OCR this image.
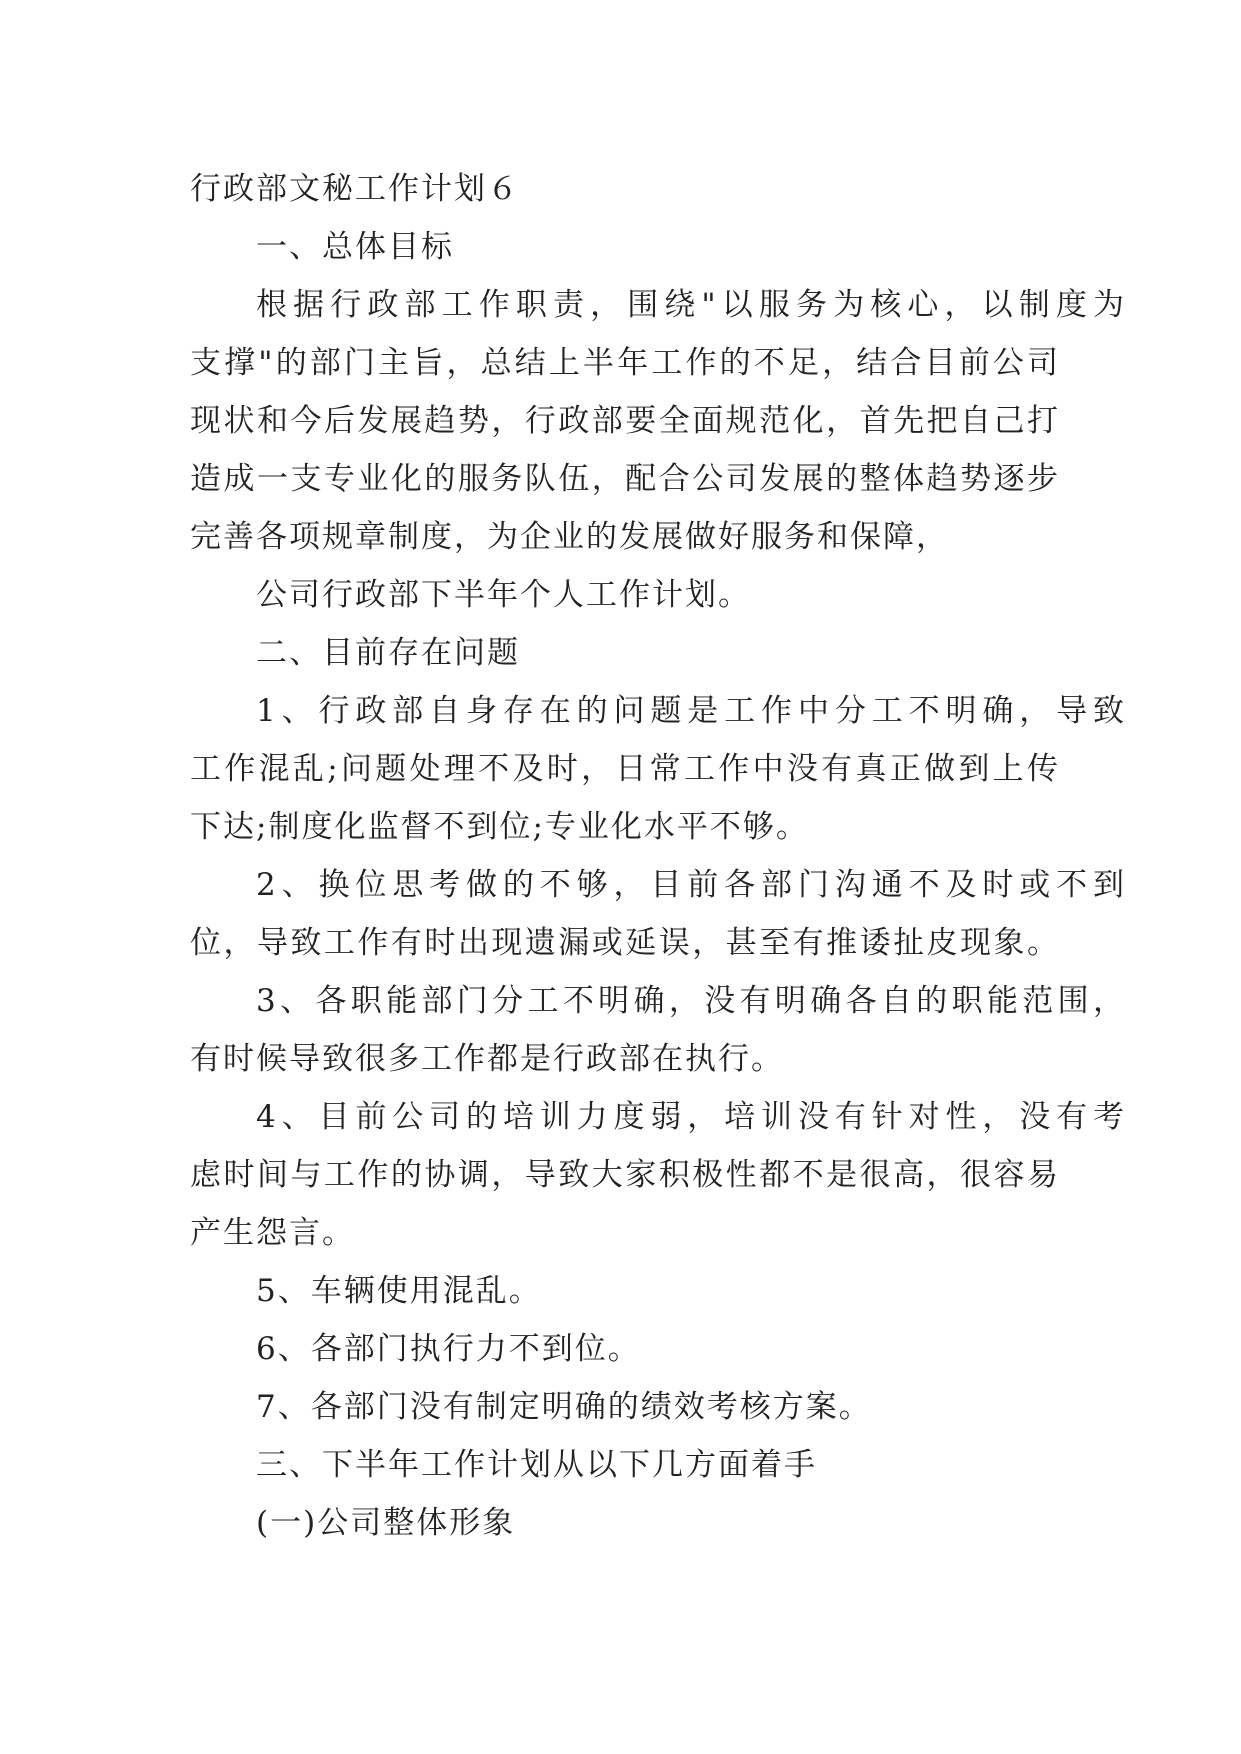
行政部文秘工作计划６
一、总体目标
根据行政部工作职责，围绕"以服务为核心，以制度为
支撑"的部门主旨，总结上半年工作的不足，结合目前公司
现状和今后发展趋势，行政部要全面规范化，首先把自己打
造成一支专业化的服务队伍，配合公司发展的整体趋势逐步
完善各项规章制度，为企业的发展做好服务和保障，
公司行政部下半年个人工作计划。
二、目前存在问题
1、行政部自身存在的问题是工作中分工不明确，导致
工作混乱;问题处理不及时，日常工作中没有真正做到上传
下达;制度化监督不到位;专业化水平不够。
2、换位思考做的不够，目前各部门沟通不及时或不到
位，导致工作有时出现遗漏或延误，甚至有推诿扯皮现象。
3、各职能部门分工不明确，没有明确各自的职能范围，
有时候导致很多工作都是行政部在执行。
4、目前公司的培训力度弱，培训没有针对性，没有考
虑时间与工作的协调，导致大家积极性都不是很高，很容易
产生怨言。
5、车辆使用混乱。
6、各部门执行力不到位。
7、各部门没有制定明确的绩效考核方案。
三、下半年工作计划从以下几方面着手
(一)公司整体形象
